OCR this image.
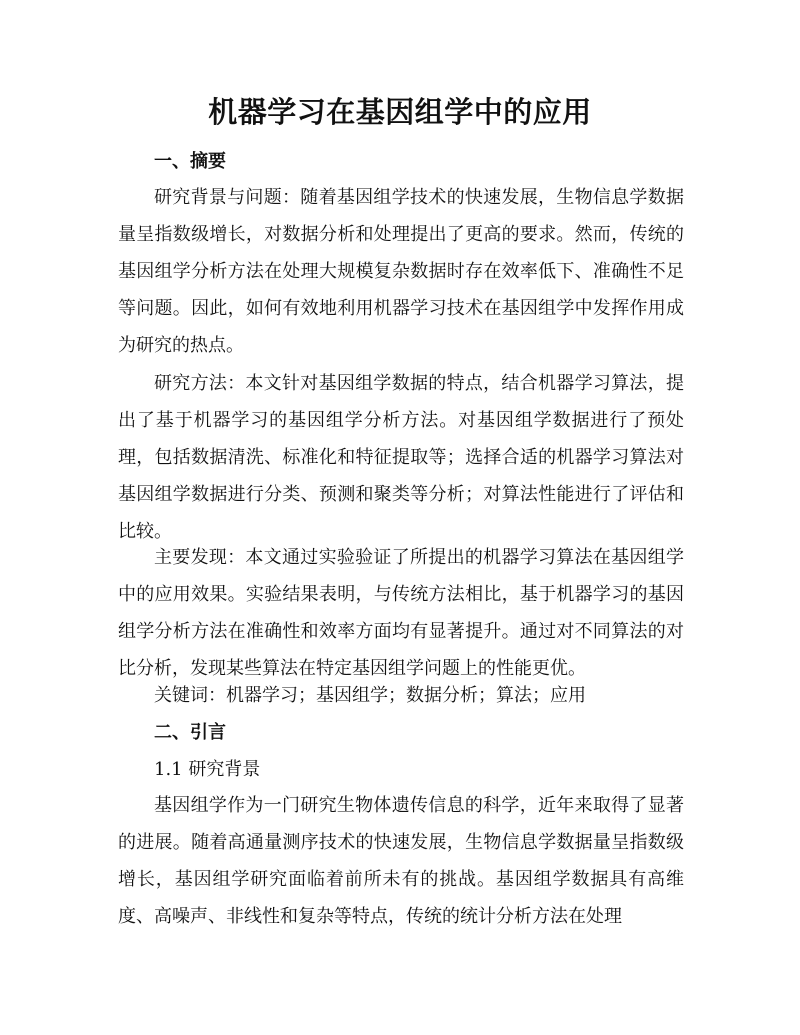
机器学习在基因组学中的应用
一、摘要
研究背景与问题：随着基因组学技术的快速发展，生物信息学数据量呈指数级增长，对数据分析和处理提出了更高的要求。然而，传统的基因组学分析方法在处理大规模复杂数据时存在效率低下、准确性不足等问题。因此，如何有效地利用机器学习技术在基因组学中发挥作用成为研究的热点。
研究方法：本文针对基因组学数据的特点，结合机器学习算法，提出了基于机器学习的基因组学分析方法。对基因组学数据进行了预处理，包括数据清洗、标准化和特征提取等；选择合适的机器学习算法对基因组学数据进行分类、预测和聚类等分析；对算法性能进行了评估和比较。
主要发现：本文通过实验验证了所提出的机器学习算法在基因组学中的应用效果。实验结果表明，与传统方法相比，基于机器学习的基因组学分析方法在准确性和效率方面均有显著提升。通过对不同算法的对比分析，发现某些算法在特定基因组学问题上的性能更优。
关键词：机器学习；基因组学；数据分析；算法；应用
二、引言
1.1 研究背景
基因组学作为一门研究生物体遗传信息的科学，近年来取得了显著的进展。随着高通量测序技术的快速发展，生物信息学数据量呈指数级增长，基因组学研究面临着前所未有的挑战。基因组学数据具有高维度、高噪声、非线性和复杂等特点，传统的统计分析方法在处理
